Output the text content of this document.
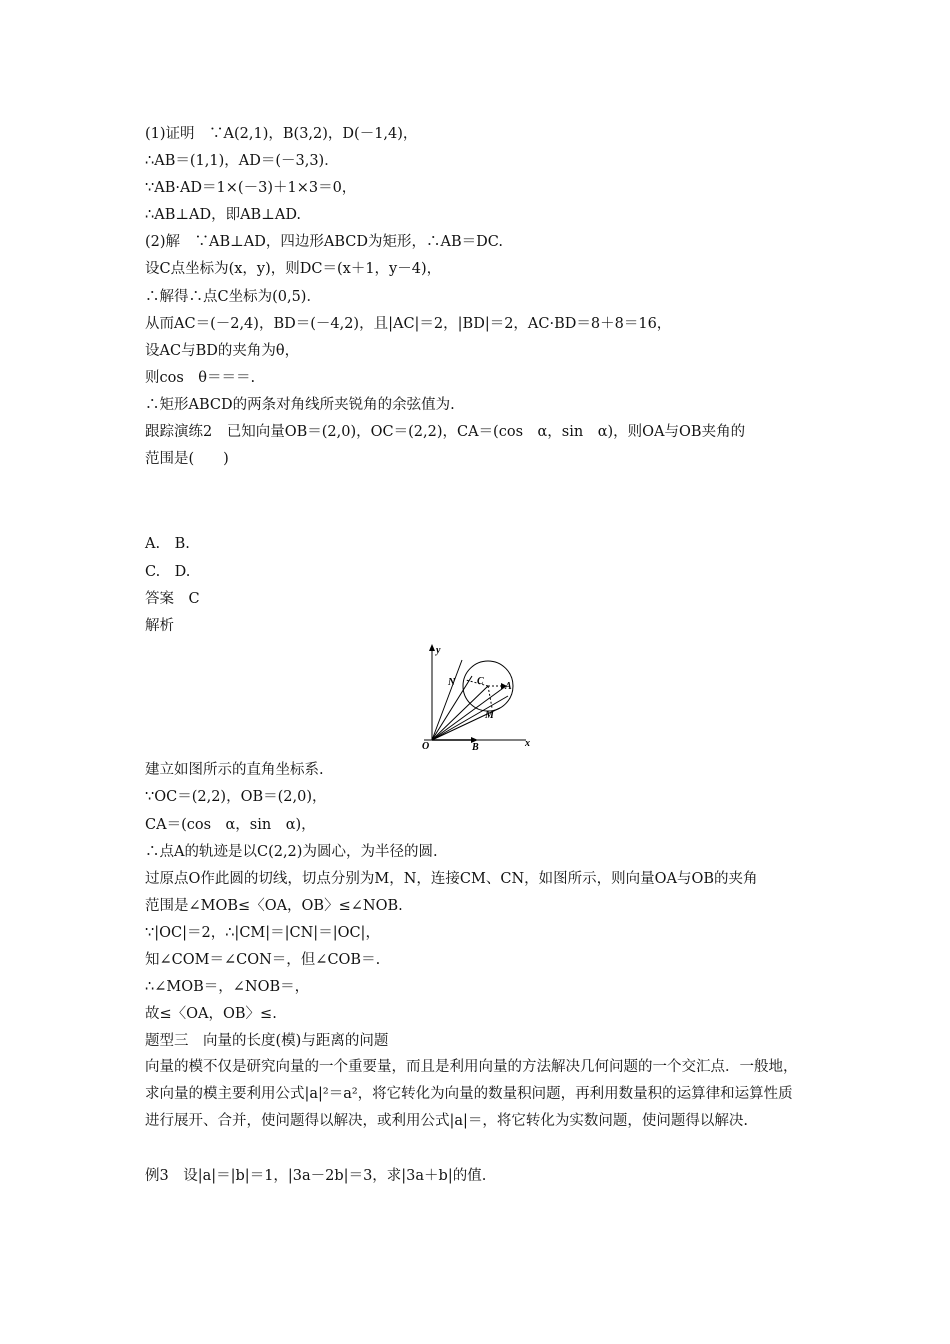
(1)证明　∵A(2,1)，B(3,2)，D(－1,4)，
∴AB＝(1,1)，AD＝(－3,3)．
∵AB·AD＝1×(－3)＋1×3＝0，
∴AB⊥AD，即AB⊥AD.
(2)解　∵AB⊥AD，四边形ABCD为矩形，∴AB＝DC.
设C点坐标为(x，y)，则DC＝(x＋1，y－4)，
∴解得∴点C坐标为(0,5)．
从而AC＝(－2,4)，BD＝(－4,2)，且|AC|＝2，|BD|＝2，AC·BD＝8＋8＝16，
设AC与BD的夹角为θ，
则cos　θ＝＝＝.
∴矩形ABCD的两条对角线所夹锐角的余弦值为.
跟踪演练2　已知向量OB＝(2,0)，OC＝(2,2)，CA＝(cos　α，sin　α)，则OA与OB夹角的
范围是(　　)
A.　B.
C.　D.
答案　C
解析
y
x
O	B
N C A
M
建立如图所示的直角坐标系.
∵OC＝(2,2)，OB＝(2,0)，
CA＝(cos　α，sin　α)，
∴点A的轨迹是以C(2,2)为圆心，为半径的圆.
过原点O作此圆的切线，切点分别为M，N，连接CM、CN，如图所示，则向量OA与OB的夹角
范围是∠MOB≤〈OA，OB〉≤∠NOB.
∵|OC|＝2，∴|CM|＝|CN|＝|OC|，
知∠COM＝∠CON＝，但∠COB＝.
∴∠MOB＝，∠NOB＝，
故≤〈OA，OB〉≤.
题型三　向量的长度(模)与距离的问题
向量的模不仅是研究向量的一个重要量，而且是利用向量的方法解决几何问题的一个交汇点．一般地，求向量的模主要利用公式|a|²＝a²，将它转化为向量的数量积问题，再利用数量积的运算律和运算性质进行展开、合并，使问题得以解决，或利用公式|a|＝，将它转化为实数问题，使问题得以解决.
例3　设|a|＝|b|＝1，|3a－2b|＝3，求|3a＋b|的值.
